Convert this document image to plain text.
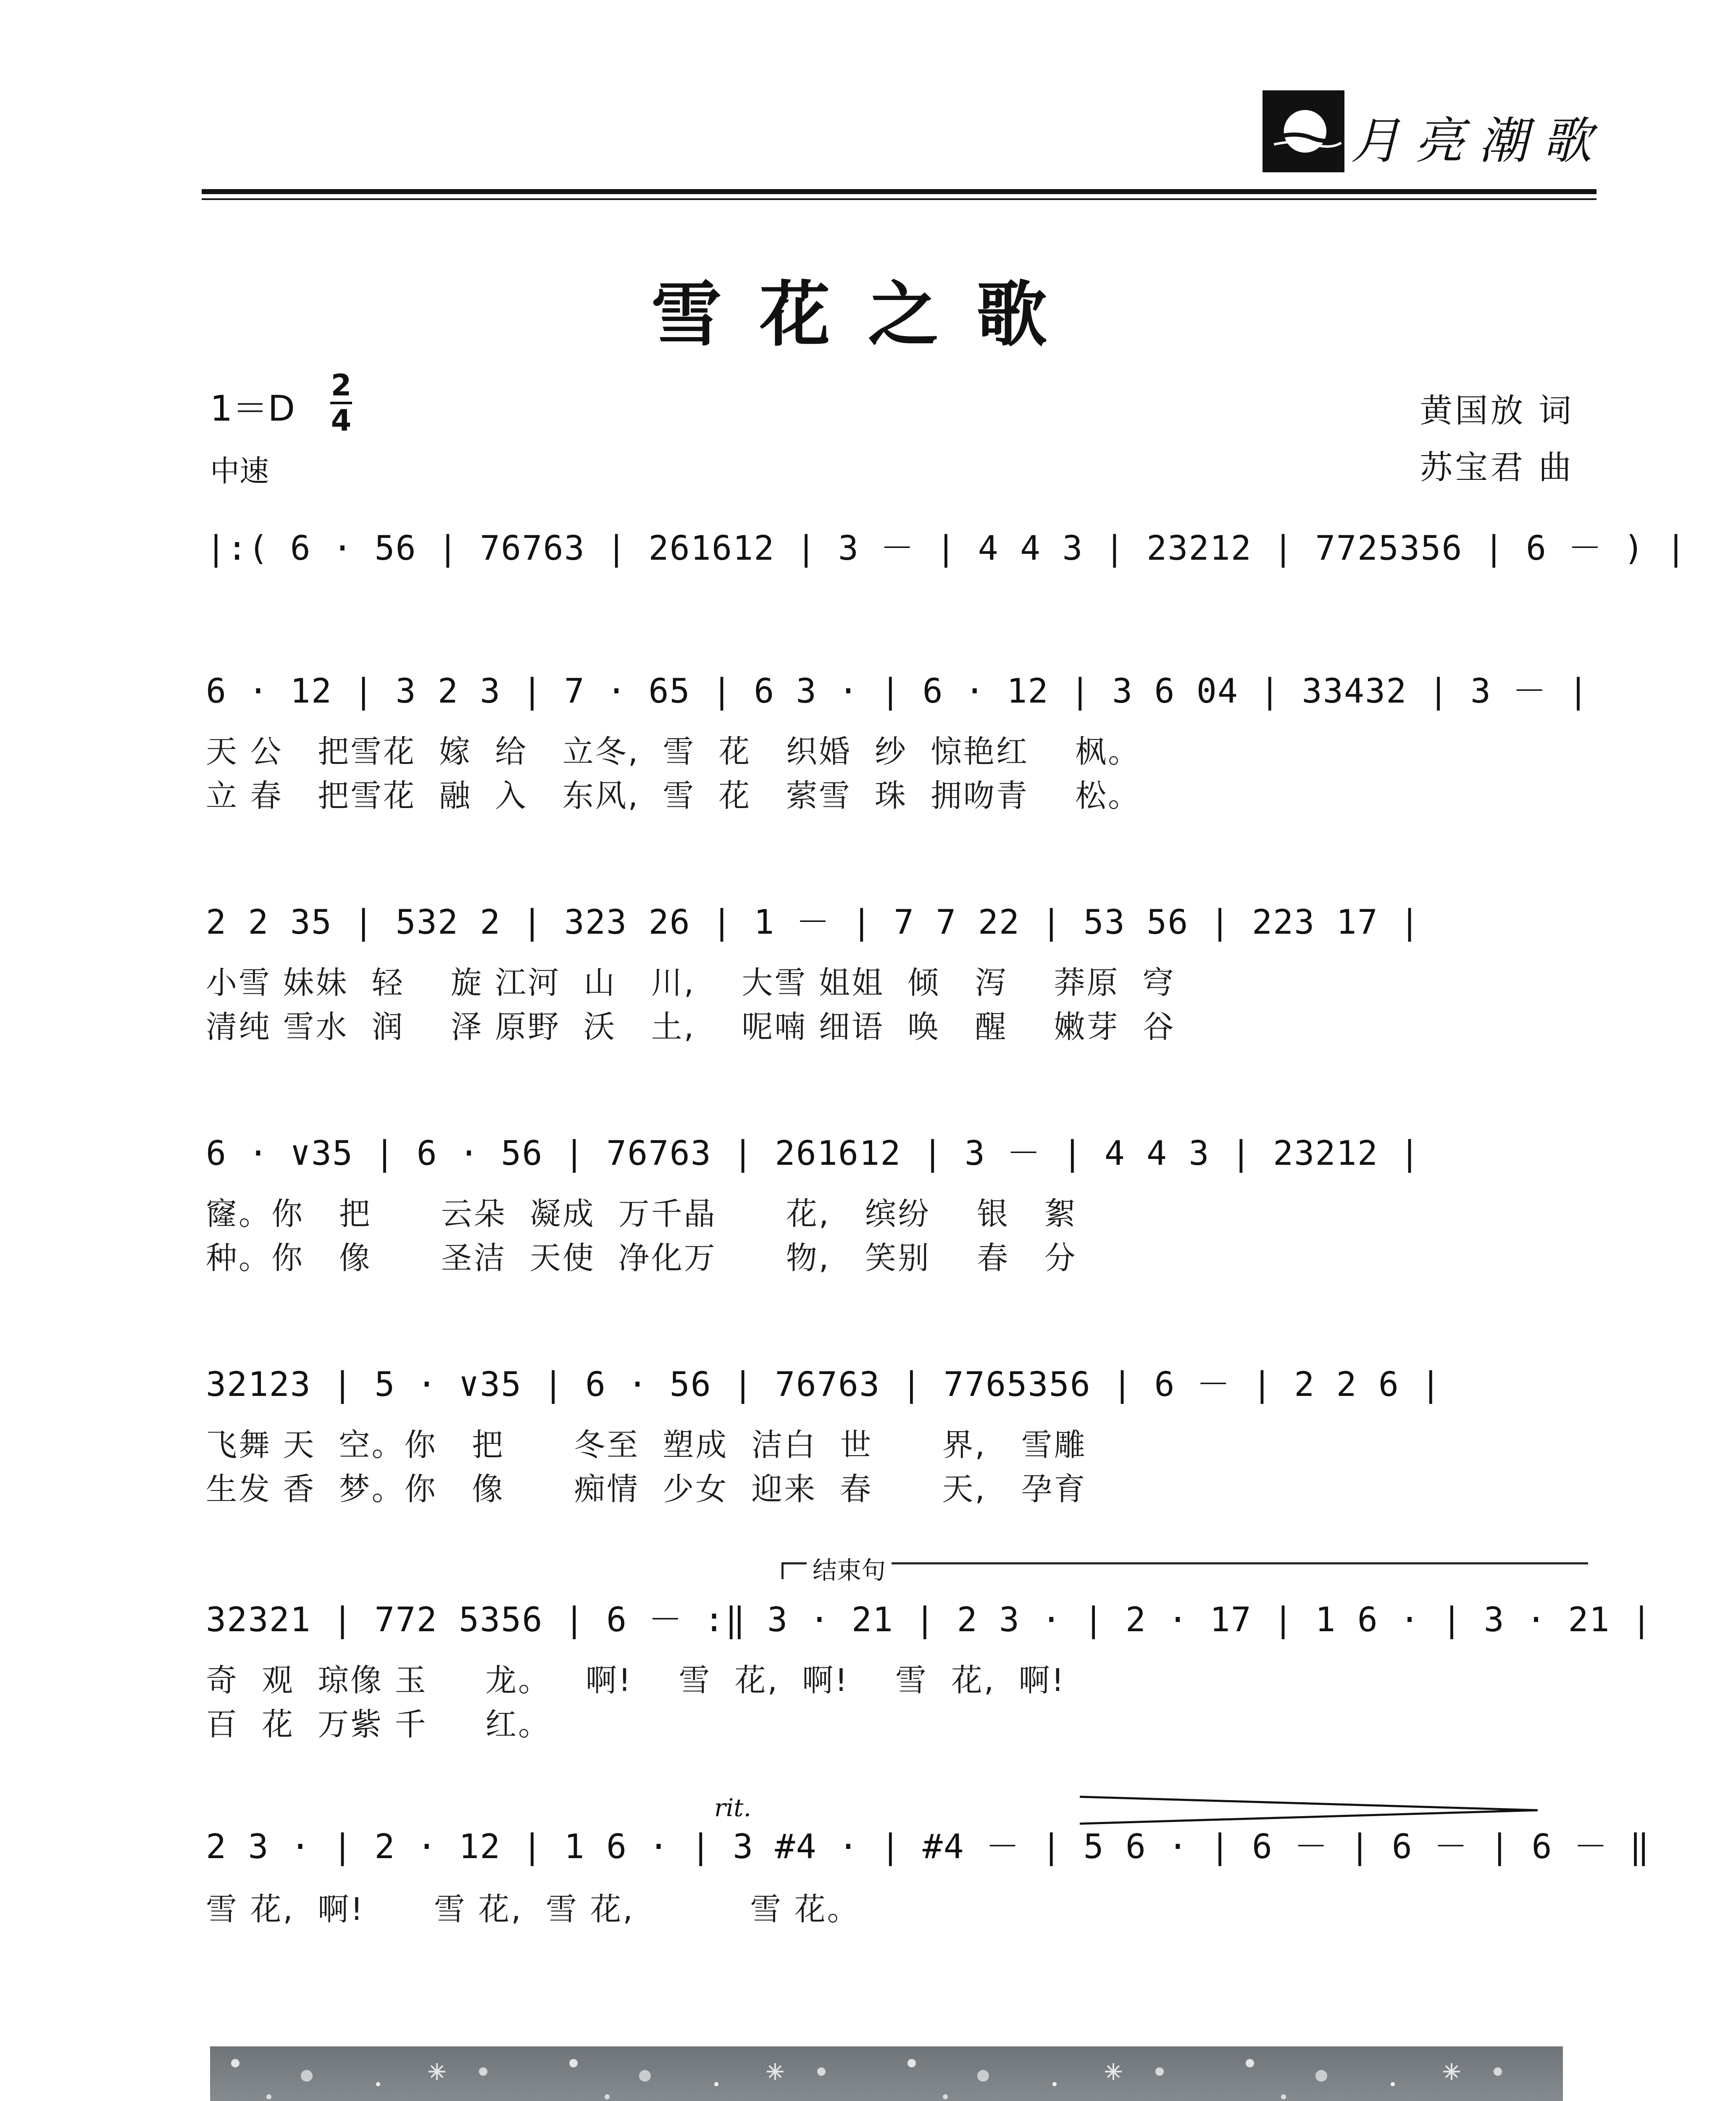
月亮潮歌
雪花之歌
1＝D
2
4
中速
黄国放 词
苏宝君 曲
|:( 6 · 56 | 76763 | 261612 | 3 － | 4 4 3 | 23212 | 7725356 | 6 － ) |
6 · 12 | 3 2 3 | 7 · 65 | 6 3 · | 6 · 12 | 3 6 04 | 33432 | 3 － |
天 公   把雪花  嫁  给   立冬,  雪  花   织婚  纱  惊艳红    枫。
立 春   把雪花  融  入   东风,  雪  花   萦雪  珠  拥吻青    松。
2 2 35 | 532 2 | 323 26 | 1 － | 7 7 22 | 53 56 | 223 17 |
小雪 妹妹  轻    旋 江河  山   川,    大雪 姐姐  倾   泻    莽原  穹
清纯 雪水  润    泽 原野  沃   土,    呢喃 细语  唤   醒    嫩芽  谷
6 · ∨35 | 6 · 56 | 76763 | 261612 | 3 － | 4 4 3 | 23212 |
窿。你   把      云朵  凝成  万千晶      花,   缤纷    银   絮
种。你   像      圣洁  天使  净化万      物,   笑别    春   分
32123 | 5 · ∨35 | 6 · 56 | 76763 | 7765356 | 6 － | 2 2 6 |
飞舞 天  空。你   把      冬至  塑成  洁白  世      界,   雪雕
生发 香  梦。你   像      痴情  少女  迎来  春      天,   孕育
结束句
32321 | 772 5356 | 6 － :‖ 3 · 21 | 2 3 · | 2 · 17 | 1 6 · | 3 · 21 |
奇  观  琼像 玉     龙。   啊!    雪  花,  啊!    雪  花,  啊!
百  花  万紫 千     红。
rit.
2 3 · | 2 · 12 | 1 6 · | 3 #4 · | #4 － | 5 6 · | 6 － | 6 － | 6 － ‖
雪 花,  啊!      雪 花,  雪 花,          雪 花。
